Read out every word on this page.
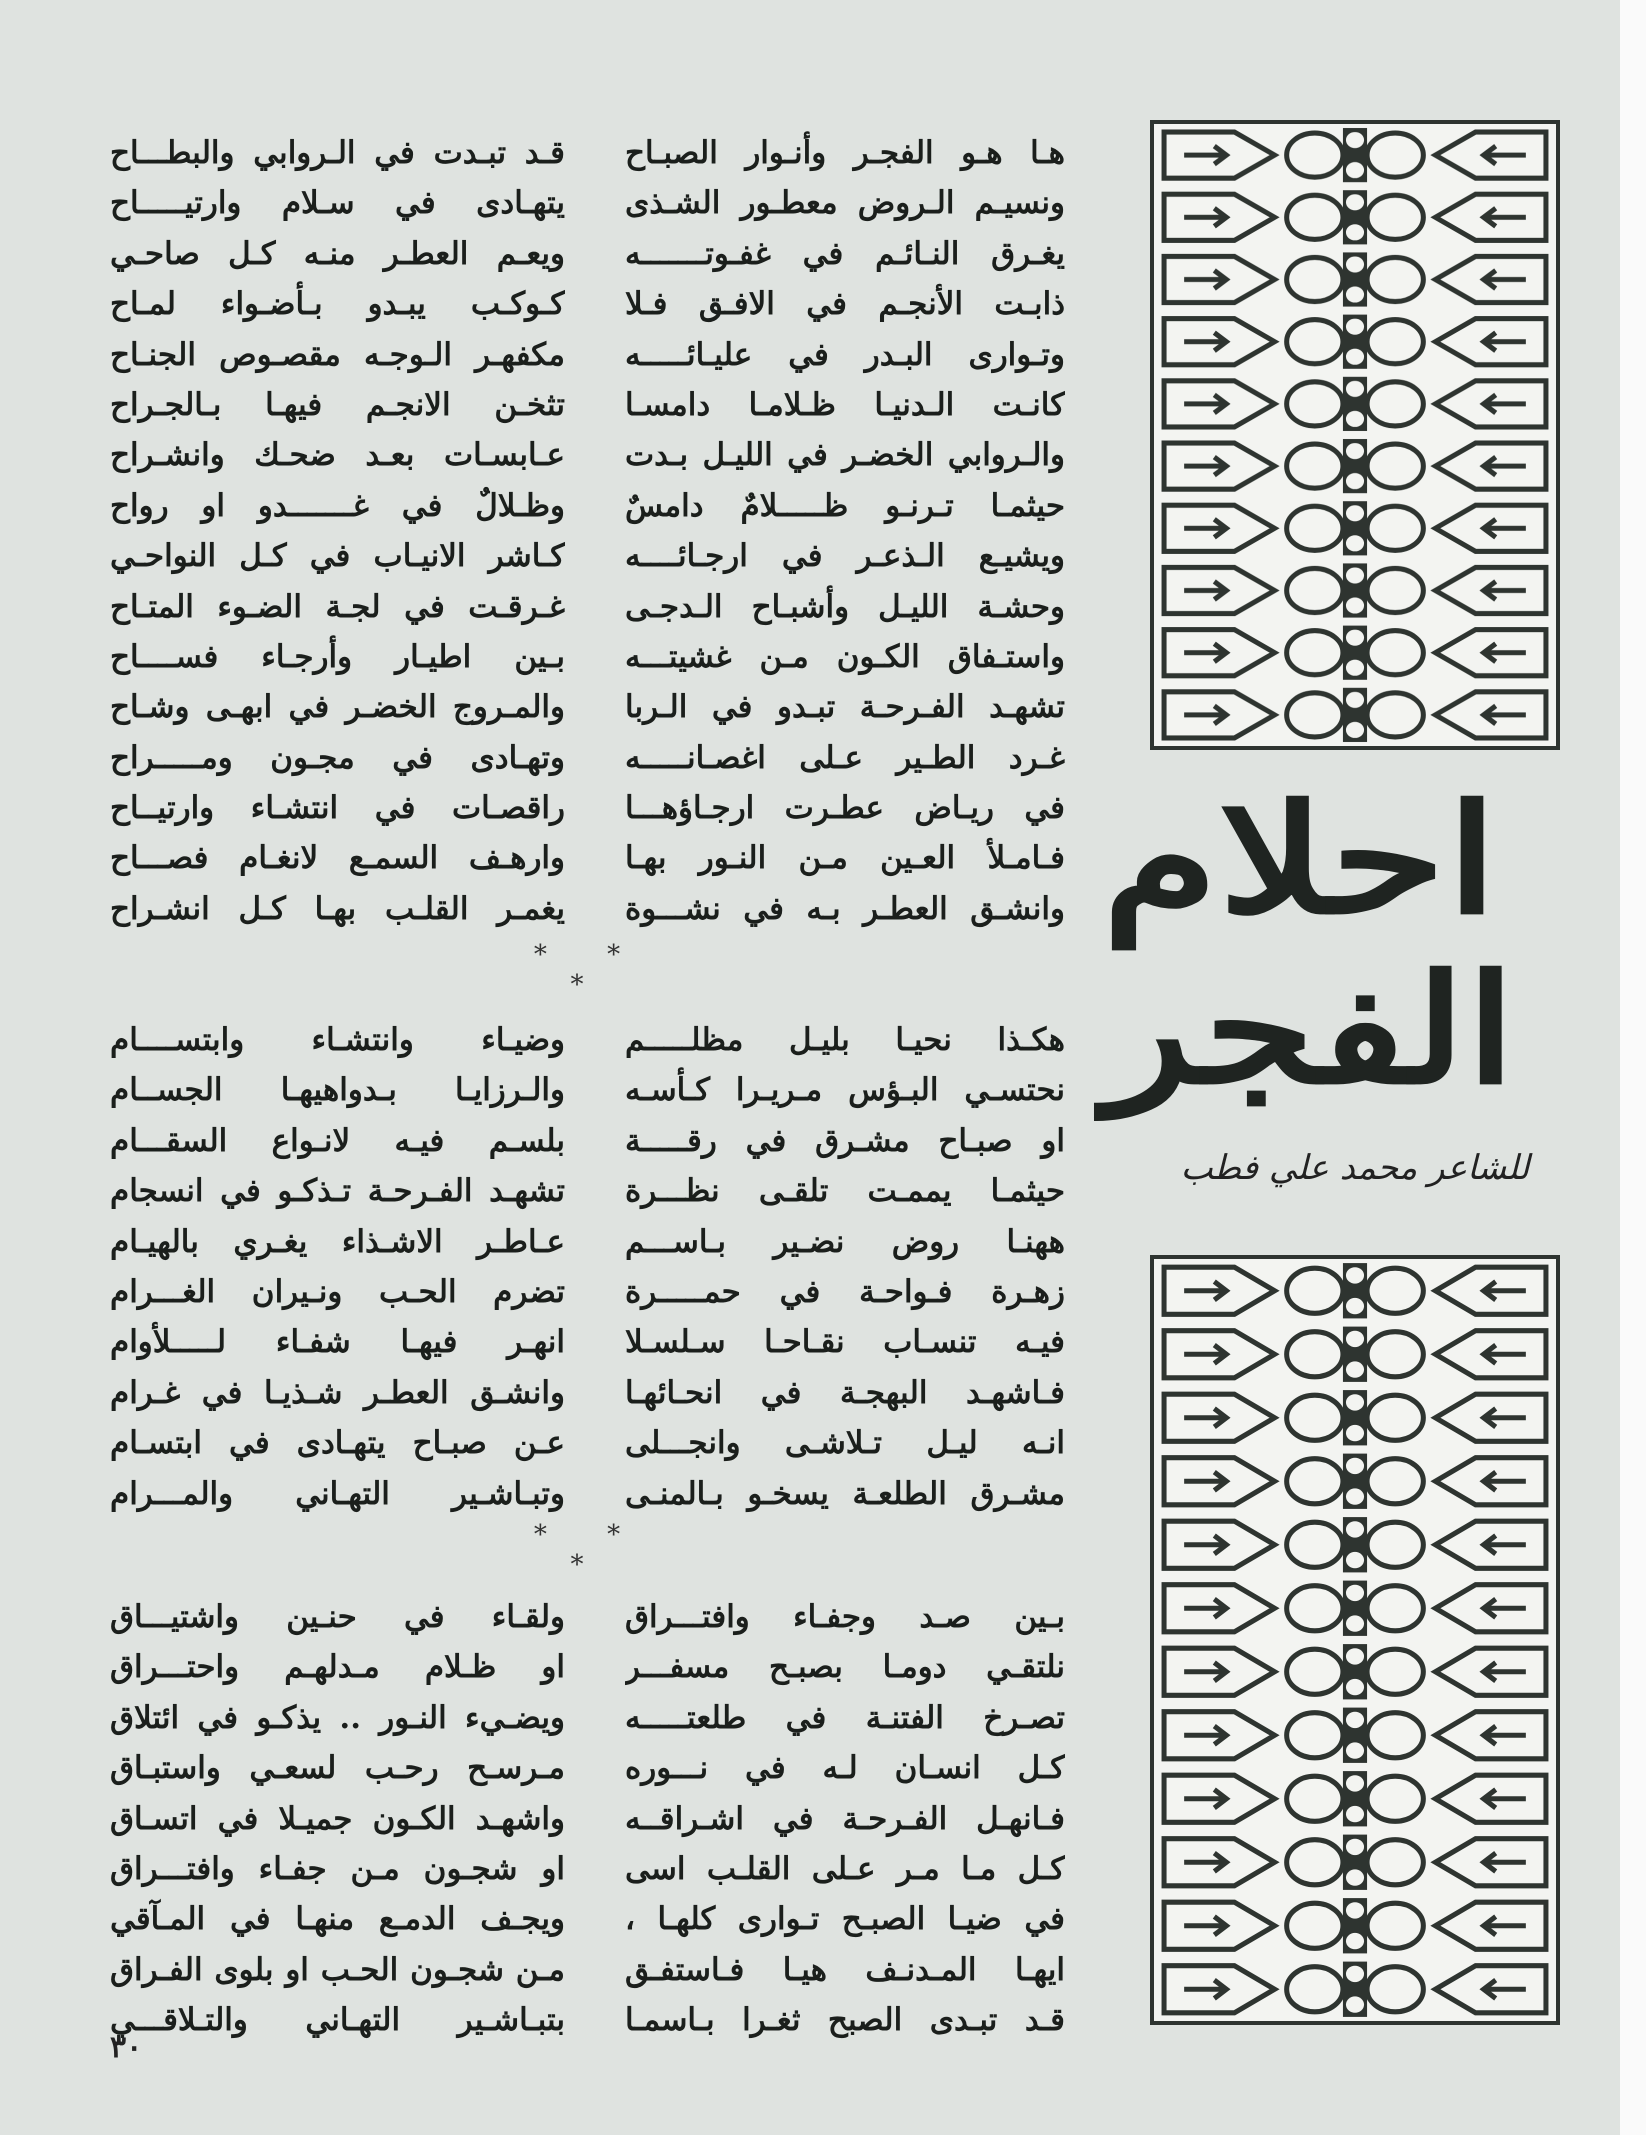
احلام
الفجر
للشاعر محمد علي فطب
هـا هـو الفجـر وأنـوار الصبـاح
ونسيـم الـروض معطـور الشـذى
يغـرق النـائـم في غفـوتـــــــه
ذابـت الأنجـم في الافـق فـلا
وتـوارى البـدر في عليـائـــــه
كانـت الـدنيـا ظـلامـا دامسـا
والـروابي الخضـر في الليـل بـدت
حيثمـا تـرنـو ظـــــلامٌ دامسٌ
ويشيـع الـذعـر في ارجـائــــه
وحشـة الليـل وأشبـاح الـدجـى
واستـفاق الكـون مـن غشيتـــه
تشهـد الفـرحـة تبـدو في الـربا
غـرد الطـير عـلى اغصـانـــــه
في ريـاض عطـرت ارجـاؤهـــا
فـامـلأ العـين مـن النـور بهـا
وانشـق العطـر بـه في نشـــوة
قـد تبـدت في الـروابي والبطـــاح
يتهـادى في سـلام وارتيـــــاح
ويعـم العطـر منـه كـل صاحـي
كـوكـب يبـدو بـأضـواء لمـاح
مكفهـر الـوجـه مقصـوص الجنـاح
تثخـن الانجـم فيهـا بـالجـراح
عـابسـات بعـد ضحـك وانشـراح
وظـلالٌ في غـــــــدو او رواح
كـاشر الانيـاب في كـل النواحـي
غـرقـت في لجـة الضـوء المتـاح
بـين اطيـار وأرجـاء فســــاح
والمـروج الخضـر في ابهـى وشـاح
وتهـادى في مجـون ومـــــراح
راقصـات في انتشـاء وارتيــاح
وارهـف السمـع لانغـام فصـــاح
يغمـر القلـب بهـا كـل انشـراح
* * *
هكـذا نحيـا بليـل مظلـــــم
نحتسـي البـؤس مـريـرا كـأسـه
او صبـاح مشـرق في رقـــــة
حيثمـا يممـت تلقـى نظـــرة
ههنـا روض نضـير بـاســـم
زهـرة فـواحـة في حمـــــرة
فيـه تنسـاب نقـاحـا سـلسـلا
فـاشهـد البهجـة في انحـائهـا
انـه ليـل تـلاشـى وانجـــلى
مشـرق الطلعـة يسخـو بـالمنـى
وضيـاء وانتشـاء وابتســــام
والـرزايـا بـدواهيهـا الجســام
بلسـم فيـه لانـواع السقـــام
تشهـد الفـرحـة تـذكـو في انسجام
عـاطـر الاشـذاء يغـري بالهيـام
تضرم الحـب ونـيران الغـــرام
انهـر فيهـا شفـاء لـــــلأوام
وانشـق العطـر شـذيـا في غـرام
عـن صبـاح يتهـادى في ابتسـام
وتبـاشـير التهـاني والمـــرام
* * *
بـين صـد وجفـاء وافتـــراق
نلتقـي دومـا بصبـح مسفـــر
تصـرخ الفتنـة في طلعتـــــه
كـل انسـان لـه في نـــوره
فـانهـل الفـرحـة في اشـراقــه
كـل مـا مـر عـلى القلـب اسى
في ضيـا الصبـح تـوارى كلهـا ،
ايهـا المـدنـف هيـا فـاستفـق
قـد تبـدى الصبح ثغـرا بـاسمـا
ولقـاء في حنـين واشتيـــاق
او ظـلام مـدلهـم واحتـــراق
ويضـيء النـور .. يذكـو في ائتلاق
مـرسـح رحـب لسعـي واستبـاق
واشهـد الكـون جميـلا في اتسـاق
او شجـون مـن جفـاء وافتـــراق
ويجـف الدمـع منهـا في المـآقي
مـن شجـون الحـب او بلوى الفـراق
بتبـاشـير التهـاني والتـلاقـــي
٣٠
